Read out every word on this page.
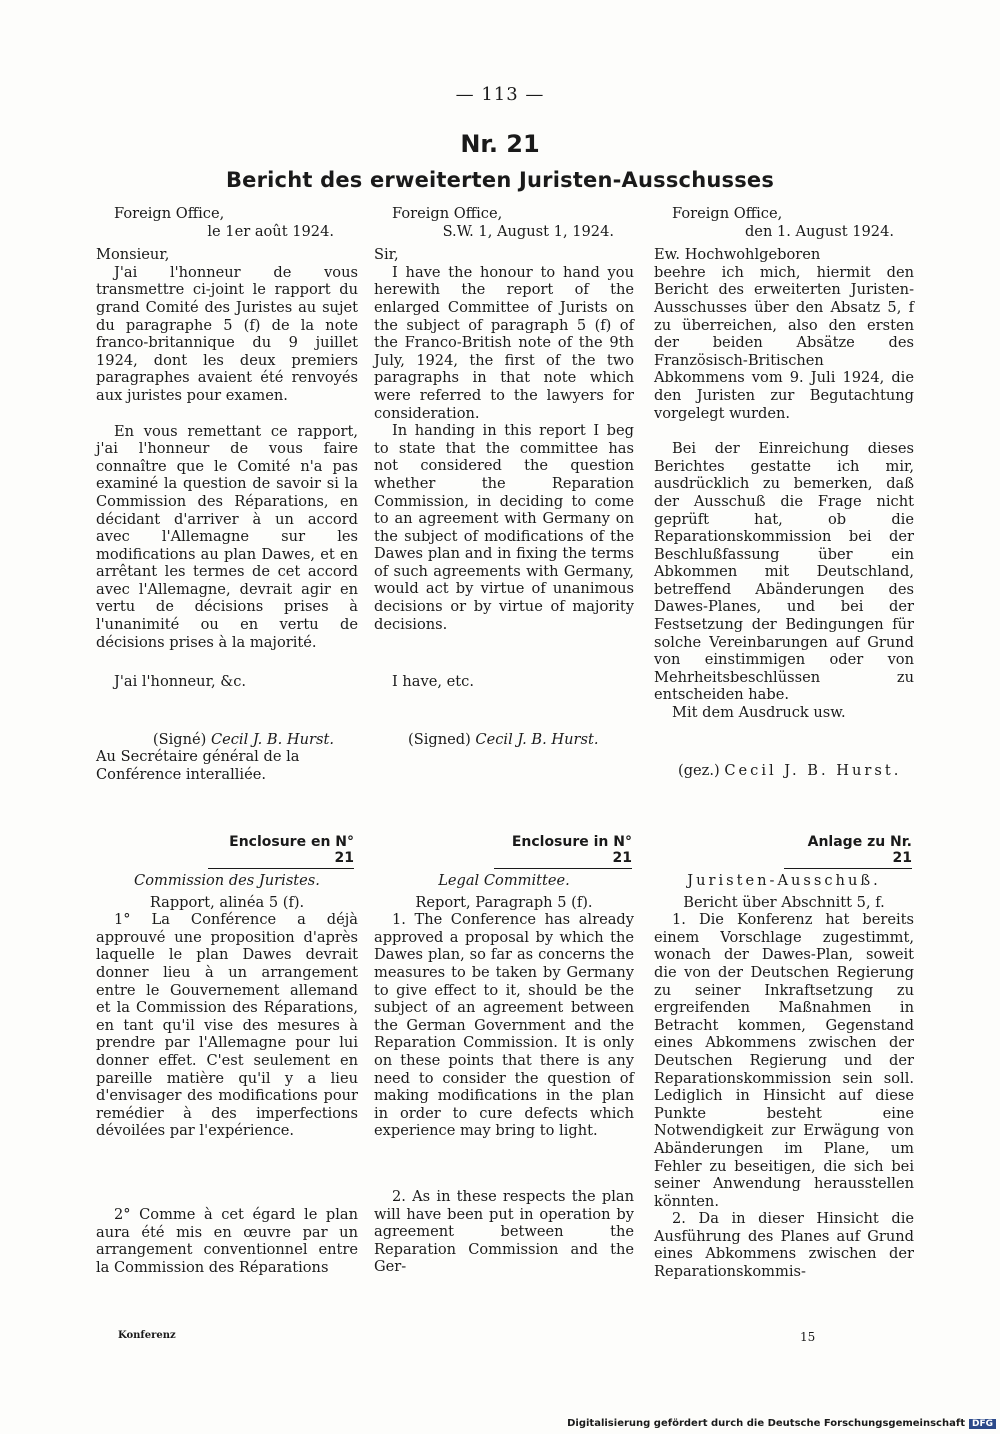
— 113 —
Nr. 21
Bericht des erweiterten Juristen-Ausschusses

Foreign Office,

le 1er août 1924.

Monsieur,

J'ai l'honneur de vous transmettre ci-joint le rapport du grand Comité des Juristes au sujet du paragraphe 5 (f) de la note franco-britannique du 9 juillet 1924, dont les deux premiers paragraphes avaient été renvoyés aux juristes pour examen.

En vous remettant ce rapport, j'ai l'honneur de vous faire connaître que le Comité n'a pas examiné la question de savoir si la Commission des Réparations, en décidant d'arriver à un accord avec l'Allemagne sur les modifications au plan Dawes, et en arrêtant les termes de cet accord avec l'Allemagne, devrait agir en vertu de décisions prises à l'unanimité ou en vertu de décisions prises à la majorité.

J'ai l'honneur, &c.

(Signé) Cecil J. B. Hurst.

Au Secrétaire général de la Conférence interalliée.

Foreign Office,

S.W. 1, August 1, 1924.

Sir,

I have the honour to hand you herewith the report of the enlarged Committee of Jurists on the subject of paragraph 5 (f) of the Franco-British note of the 9th July, 1924, the first of the two paragraphs in that note which were referred to the lawyers for consideration.

In handing in this report I beg to state that the committee has not considered the question whether the Reparation Commission, in deciding to come to an agreement with Germany on the subject of modifications of the Dawes plan and in fixing the terms of such agreements with Germany, would act by virtue of unanimous decisions or by virtue of majority decisions.

I have, etc.

(Signed) Cecil J. B. Hurst.

Foreign Office,

den 1. August 1924.

Ew. Hochwohlgeboren

beehre ich mich, hiermit den Bericht des erweiterten Juristen-Ausschusses über den Absatz 5, f zu überreichen, also den ersten der beiden Absätze des Französisch-Britischen Abkommens vom 9. Juli 1924, die den Juristen zur Begutachtung vorgelegt wurden.

Bei der Einreichung dieses Berichtes gestatte ich mir, ausdrücklich zu bemerken, daß der Ausschuß die Frage nicht geprüft hat, ob die Reparationskommission bei der Beschlußfassung über ein Abkommen mit Deutschland, betreffend Abänderungen des Dawes-Planes, und bei der Festsetzung der Bedingungen für solche Vereinbarungen auf Grund von einstimmigen oder von Mehrheitsbeschlüssen zu entscheiden habe.

Mit dem Ausdruck usw.

(gez.) Cecil J. B. Hurst.

Enclosure en N° 21
Enclosure in N° 21
Anlage zu Nr. 21

Commission des Juristes.

Rapport, alinéa 5 (f).

1° La Conférence a déjà approuvé une proposition d'après laquelle le plan Dawes devrait donner lieu à un arrangement entre le Gouvernement allemand et la Commission des Réparations, en tant qu'il vise des mesures à prendre par l'Allemagne pour lui donner effet. C'est seulement en pareille matière qu'il y a lieu d'envisager des modifications pour remédier à des imperfections dévoilées par l'expérience.

2° Comme à cet égard le plan aura été mis en œuvre par un arrangement conventionnel entre la Commission des Réparations

Legal Committee.

Report, Paragraph 5 (f).

1. The Conference has already approved a proposal by which the Dawes plan, so far as concerns the measures to be taken by Germany to give effect to it, should be the subject of an agreement between the German Government and the Reparation Commission. It is only on these points that there is any need to consider the question of making modifications in the plan in order to cure defects which experience may bring to light.

2. As in these respects the plan will have been put in operation by agreement between the Reparation Commission and the Ger-

Juristen-Ausschuß.

Bericht über Abschnitt 5, f.

1. Die Konferenz hat bereits einem Vorschlage zugestimmt, wonach der Dawes-Plan, soweit die von der Deutschen Regierung zu seiner Inkraftsetzung zu ergreifenden Maßnahmen in Betracht kommen, Gegenstand eines Abkommens zwischen der Deutschen Regierung und der Reparationskommission sein soll. Lediglich in Hinsicht auf diese Punkte besteht eine Notwendigkeit zur Erwägung von Abänderungen im Plane, um Fehler zu beseitigen, die sich bei seiner Anwendung herausstellen könnten.

2. Da in dieser Hinsicht die Ausführung des Planes auf Grund eines Abkommens zwischen der Reparationskommis-

Konferenz	15
Digitalisierung gefördert durch die Deutsche Forschungsgemeinschaft DFG
